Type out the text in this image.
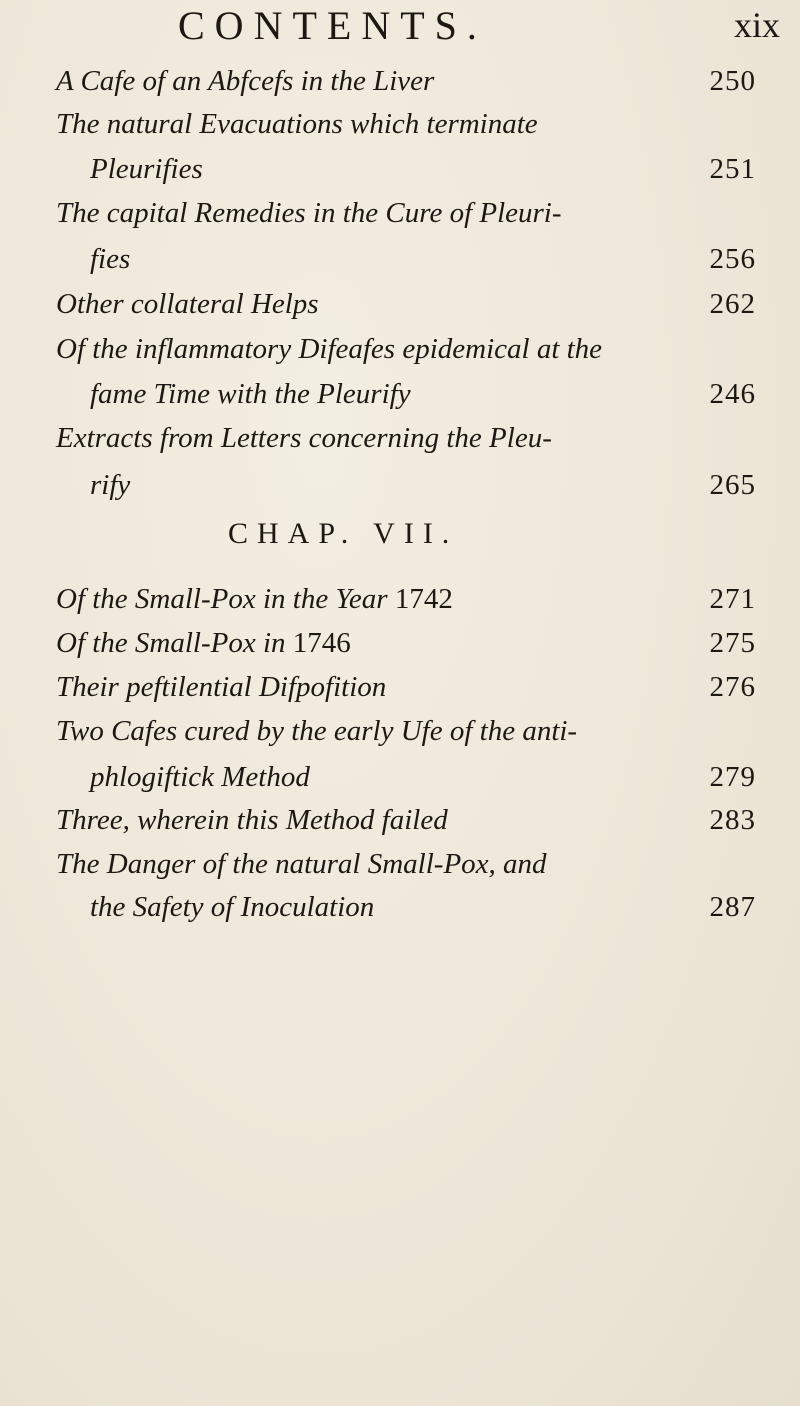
CONTENTS.	xix
A Cafe of an Abfcefs in the Liver	250
The natural Evacuations which terminate
Pleurifies	251
The capital Remedies in the Cure of Pleuri-
fies	256
Other collateral Helps	262
Of the inflammatory Difeafes epidemical at the
fame Time with the Pleurify	246
Extracts from Letters concerning the Pleu-
rify	265
CHAP. VII.
Of the Small-Pox in the Year 1742	271
Of the Small-Pox in 1746	275
Their peftilential Difpofition	276
Two Cafes cured by the early Ufe of the anti-
phlogiftick Method	279
Three, wherein this Method failed	283
The Danger of the natural Small-Pox, and
the Safety of Inoculation	287
